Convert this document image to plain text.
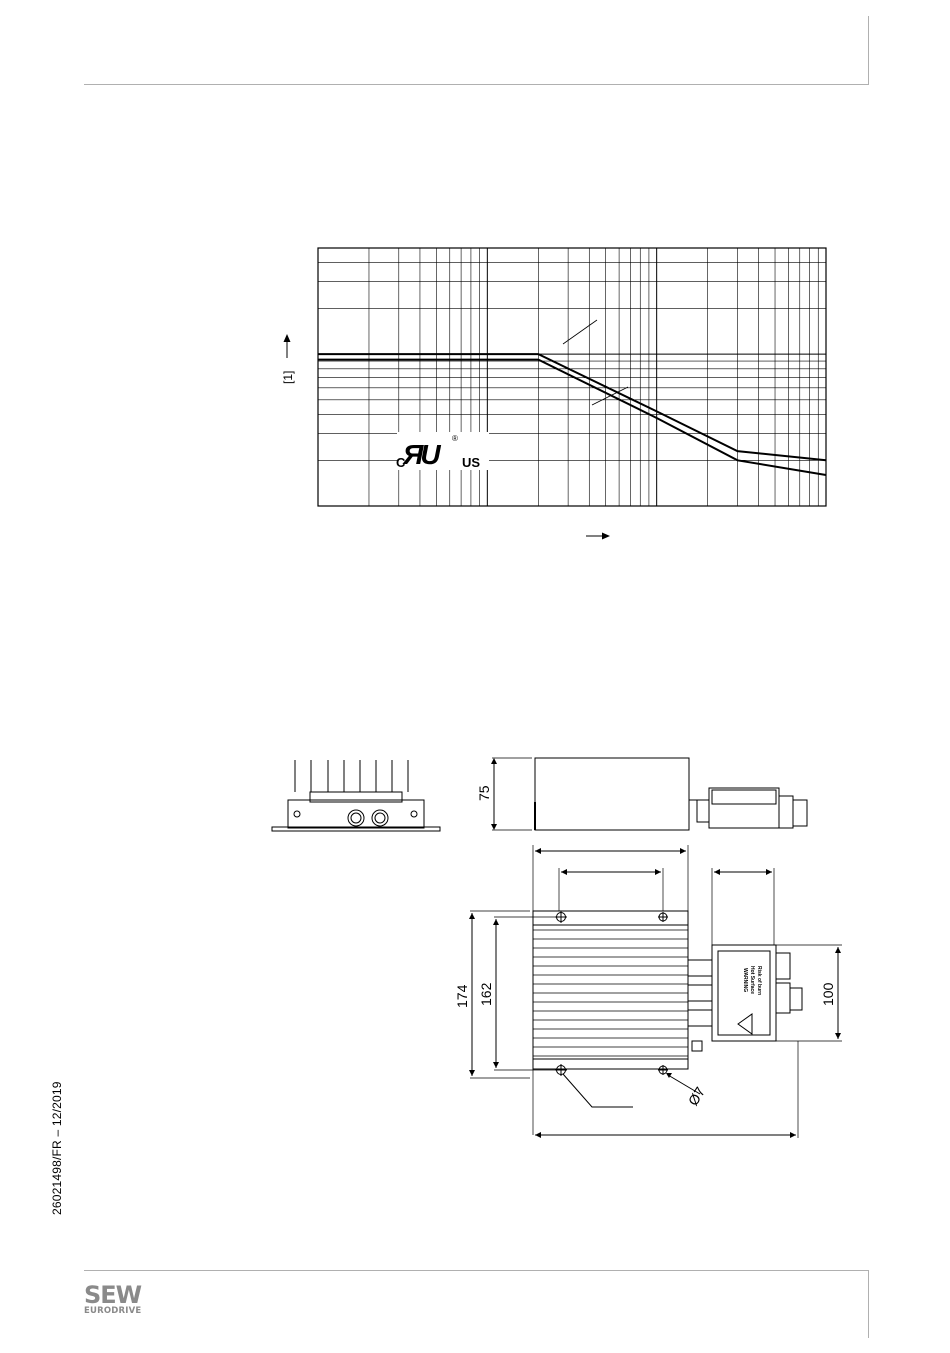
C
ЯU
®
US
75
174 162	100
Ø7
WARNING Hot Surface Risk of burn
[1]
26021498/FR – 12/2019
SEW
EURODRIVE
